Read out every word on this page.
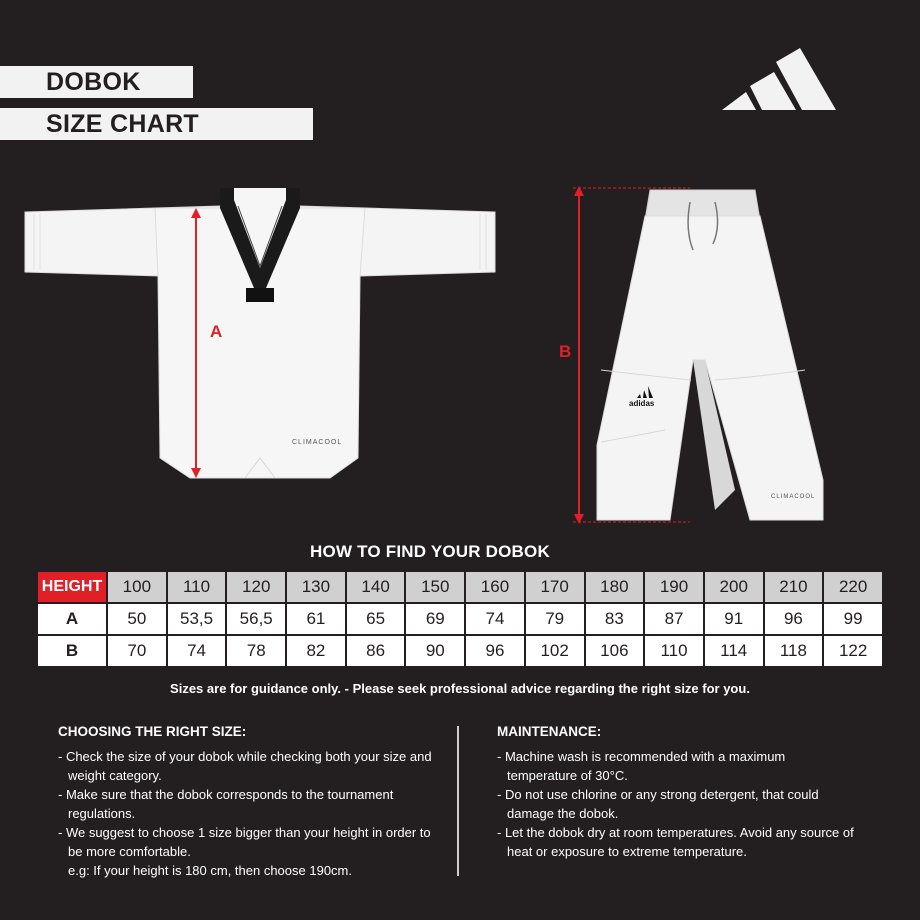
DOBOK
SIZE CHART
A
CLIMACOOL
adidas
CLIMACOOL
B
HOW TO FIND YOUR DOBOK
HEIGHT	100	110	120	130	140	150	160	170	180	190	200	210	220
A	50	53,5	56,5	61	65	69	74	79	83	87	91	96	99
B	70	74	78	82	86	90	96	102	106	110	114	118	122
Sizes are for guidance only. - Please seek professional advice regarding the right size for you.
CHOOSING THE RIGHT SIZE:
- Check the size of your dobok while checking both your size and weight category.
- Make sure that the dobok corresponds to the tournament regulations.
- We suggest to choose 1 size bigger than your height in order to be more comfortable.
e.g: If your height is 180 cm, then choose 190cm.
MAINTENANCE:
- Machine wash is recommended with a maximum temperature of 30°C.
- Do not use chlorine or any strong detergent, that could damage the dobok.
- Let the dobok dry at room temperatures. Avoid any source of heat or exposure to extreme temperature.
